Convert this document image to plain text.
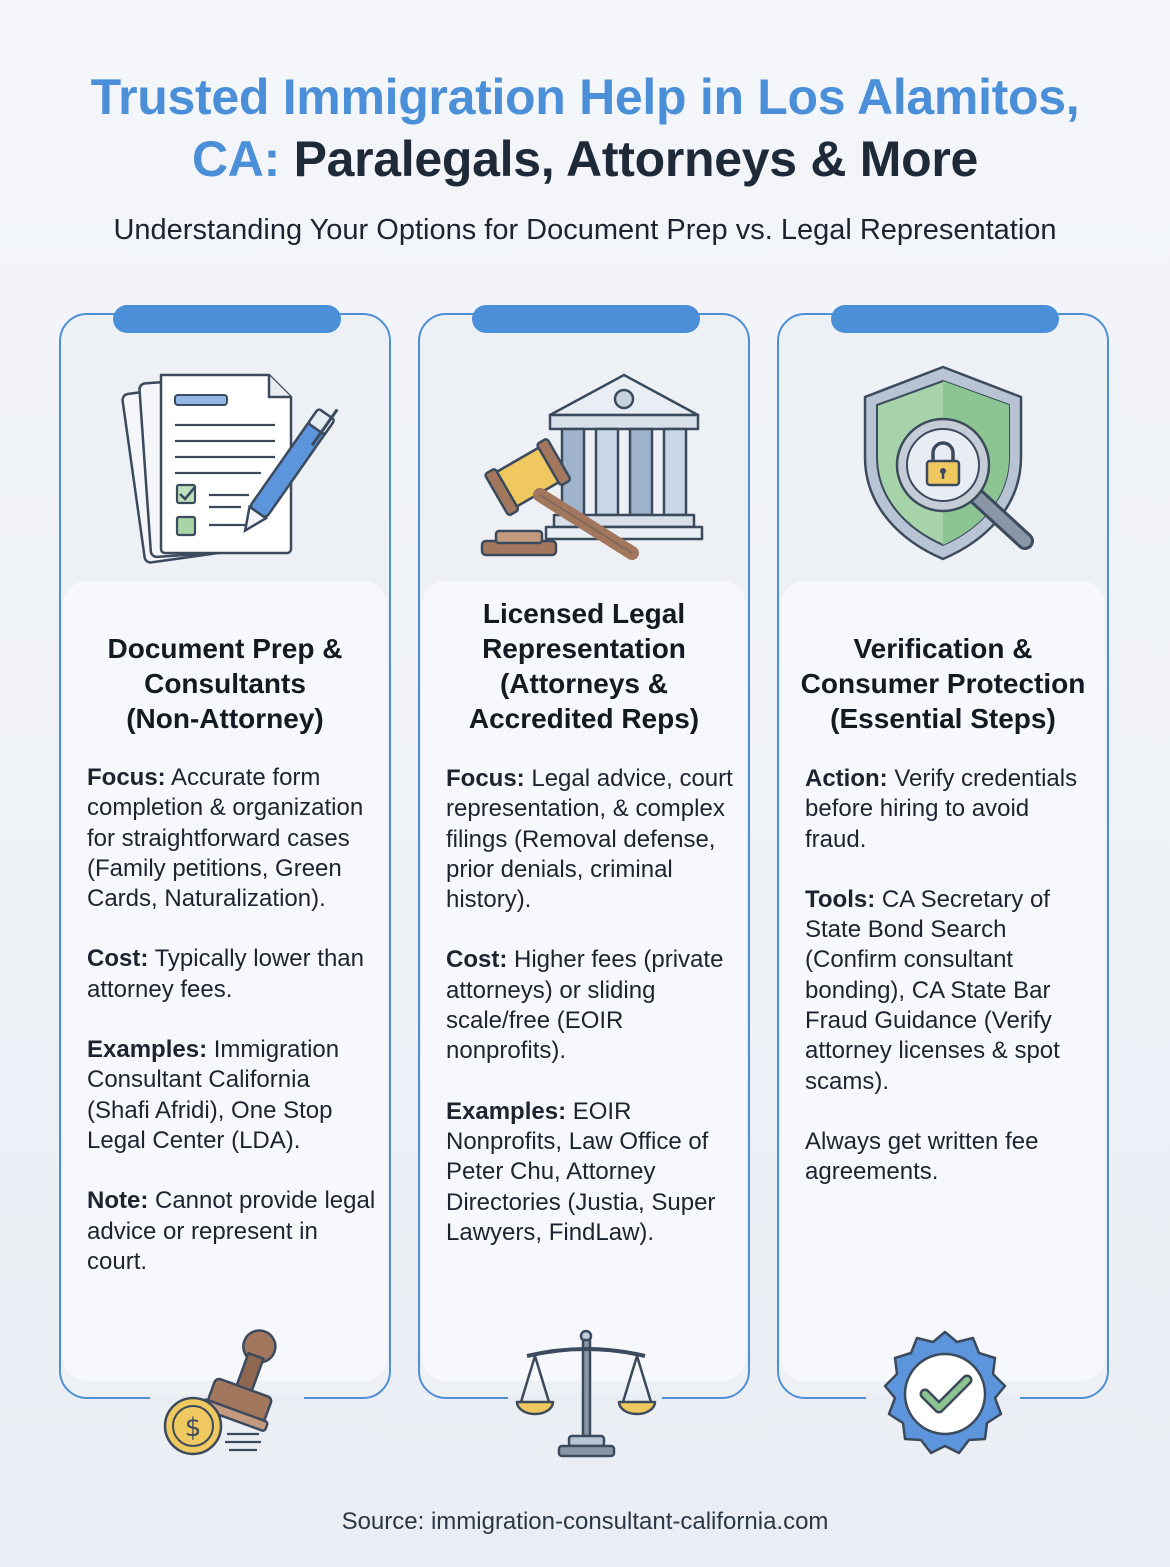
Trusted Immigration Help in Los Alamitos,
CA: Paralegals, Attorneys & More
Understanding Your Options for Document Prep vs. Legal Representation
Document Prep &
Consultants
(Non-Attorney)

Focus: Accurate form completion & organization for straightforward cases (Family petitions, Green Cards, Naturalization).

Cost: Typically lower than attorney fees.

Examples: Immigration Consultant California (Shafi Afridi), One Stop Legal Center (LDA).

Note: Cannot provide legal advice or represent in court.

Licensed Legal
Representation
(Attorneys &
Accredited Reps)

Focus: Legal advice, court representation, & complex filings (Removal defense, prior denials, criminal history).

Cost: Higher fees (private attorneys) or sliding scale/free (EOIR nonprofits).

Examples: EOIR Nonprofits, Law Office of Peter Chu, Attorney Directories (Justia, Super Lawyers, FindLaw).

Verification &
Consumer Protection
(Essential Steps)

Action: Verify credentials before hiring to avoid fraud.

Tools: CA Secretary of State Bond Search (Confirm consultant bonding), CA State Bar Fraud Guidance (Verify attorney licenses & spot scams).

Always get written fee agreements.

$
Source: immigration-consultant-california.com
